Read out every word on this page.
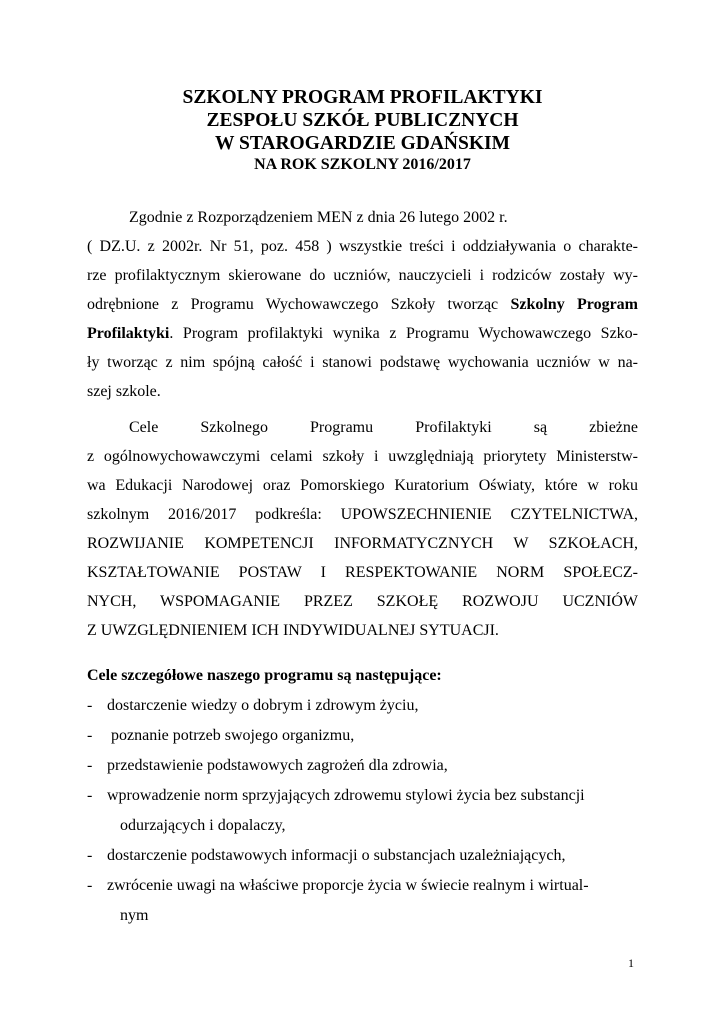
SZKOLNY PROGRAM PROFILAKTYKI
ZESPOŁU SZKÓŁ PUBLICZNYCH
W STAROGARDZIE GDAŃSKIM
NA ROK SZKOLNY 2016/2017
Zgodnie z Rozporządzeniem MEN z dnia 26 lutego 2002 r.
( DZ.U. z 2002r. Nr 51, poz. 458 ) wszystkie treści i oddziaływania o charakte-
rze profilaktycznym skierowane do uczniów, nauczycieli i rodziców zostały wy-
odrębnione z Programu Wychowawczego Szkoły tworząc Szkolny Program
Profilaktyki. Program profilaktyki wynika z Programu Wychowawczego Szko-
ły tworząc z nim spójną całość i stanowi podstawę wychowania uczniów w na-
szej szkole.
Cele Szkolnego Programu Profilaktyki są zbieżne
z ogólnowychowawczymi celami szkoły i uwzględniają priorytety Ministerstw-
wa Edukacji Narodowej oraz Pomorskiego Kuratorium Oświaty, które w roku
szkolnym 2016/2017 podkreśla: UPOWSZECHNIENIE CZYTELNICTWA,
ROZWIJANIE KOMPETENCJI INFORMATYCZNYCH W SZKOŁACH,
KSZTAŁTOWANIE POSTAW I RESPEKTOWANIE NORM SPOŁECZ-
NYCH, WSPOMAGANIE PRZEZ SZKOŁĘ ROZWOJU UCZNIÓW
Z UWZGLĘDNIENIEM ICH INDYWIDUALNEJ SYTUACJI.
Cele szczegółowe naszego programu są następujące:
- dostarczenie wiedzy o dobrym i zdrowym życiu,
- poznanie potrzeb swojego organizmu,
- przedstawienie podstawowych zagrożeń dla zdrowia,
- wprowadzenie norm sprzyjających zdrowemu stylowi życia bez substancji
odurzających i dopalaczy,
- dostarczenie podstawowych informacji o substancjach uzależniających,
- zwrócenie uwagi na właściwe proporcje życia w świecie realnym i wirtual-
nym
1
